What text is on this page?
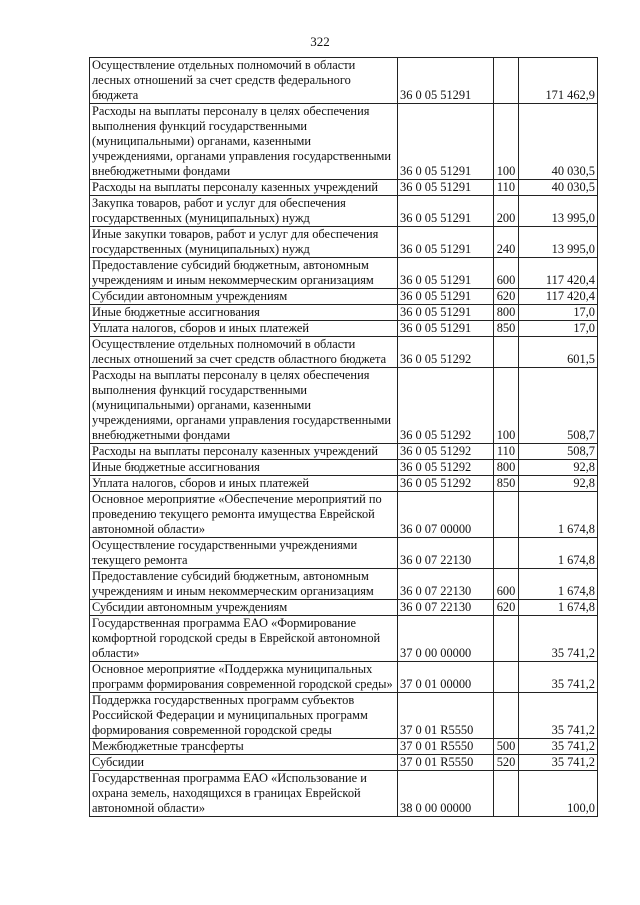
322
Осуществление отдельных полномочий в области лесных отношений за счет средств федерального бюджета	36 0 05 51291		171 462,9
Расходы на выплаты персоналу в целях обеспечения выполнения функций государственными (муниципальными) органами, казенными учреждениями, органами управления государственными внебюджетными фондами	36 0 05 51291	100	40 030,5
Расходы на выплаты персоналу казенных учреждений	36 0 05 51291	110	40 030,5
Закупка товаров, работ и услуг для обеспечения государственных (муниципальных) нужд	36 0 05 51291	200	13 995,0
Иные закупки товаров, работ и услуг для обеспечения государственных (муниципальных) нужд	36 0 05 51291	240	13 995,0
Предоставление субсидий бюджетным, автономным учреждениям и иным некоммерческим организациям	36 0 05 51291	600	117 420,4
Субсидии автономным учреждениям	36 0 05 51291	620	117 420,4
Иные бюджетные ассигнования	36 0 05 51291	800	17,0
Уплата налогов, сборов и иных платежей	36 0 05 51291	850	17,0
Осуществление отдельных полномочий в области лесных отношений за счет средств областного бюджета	36 0 05 51292		601,5
Расходы на выплаты персоналу в целях обеспечения выполнения функций государственными (муниципальными) органами, казенными учреждениями, органами управления государственными внебюджетными фондами	36 0 05 51292	100	508,7
Расходы на выплаты персоналу казенных учреждений	36 0 05 51292	110	508,7
Иные бюджетные ассигнования	36 0 05 51292	800	92,8
Уплата налогов, сборов и иных платежей	36 0 05 51292	850	92,8
Основное мероприятие «Обеспечение мероприятий по проведению текущего ремонта имущества Еврейской автономной области»	36 0 07 00000		1 674,8
Осуществление государственными учреждениями текущего ремонта	36 0 07 22130		1 674,8
Предоставление субсидий бюджетным, автономным учреждениям и иным некоммерческим организациям	36 0 07 22130	600	1 674,8
Субсидии автономным учреждениям	36 0 07 22130	620	1 674,8
Государственная программа ЕАО «Формирование комфортной городской среды в Еврейской автономной области»	37 0 00 00000		35 741,2
Основное мероприятие «Поддержка муниципальных программ формирования современной городской среды»	37 0 01 00000		35 741,2
Поддержка государственных программ субъектов Российской Федерации и муниципальных программ формирования современной городской среды	37 0 01 R5550		35 741,2
Межбюджетные трансферты	37 0 01 R5550	500	35 741,2
Субсидии	37 0 01 R5550	520	35 741,2
Государственная программа ЕАО «Использование и охрана земель, находящихся в границах Еврейской автономной области»	38 0 00 00000		100,0
